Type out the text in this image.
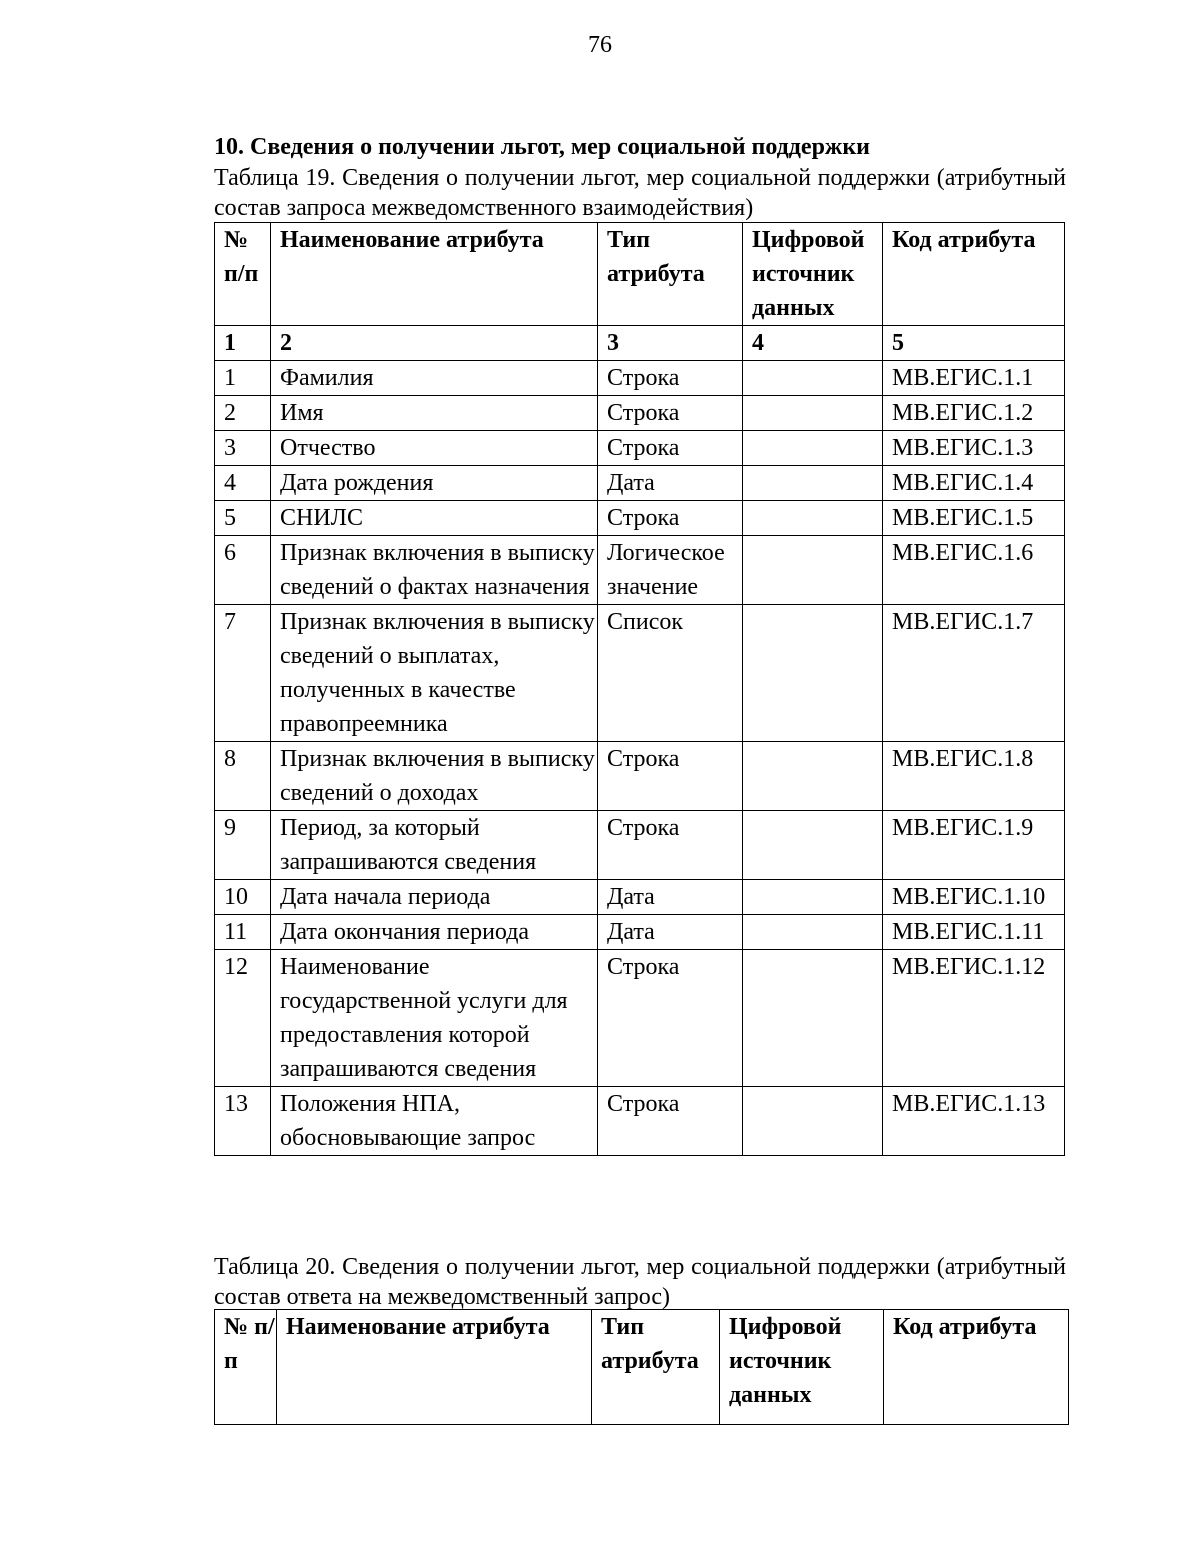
76
10. Сведения о получении льгот, мер социальной поддержки
Таблица 19. Сведения о получении льгот, мер социальной поддержки (атрибутный состав запроса межведомственного взаимодействия)
№ п/п	Наименование атрибута	Тип атрибута	Цифровой источник данных	Код атрибута
1	2	3	4	5
1	Фамилия	Строка		МВ.ЕГИС.1.1
2	Имя	Строка		МВ.ЕГИС.1.2
3	Отчество	Строка		МВ.ЕГИС.1.3
4	Дата рождения	Дата		МВ.ЕГИС.1.4
5	СНИЛС	Строка		МВ.ЕГИС.1.5
6	Признак включения в выписку сведений о фактах назначения	Логическое значение		МВ.ЕГИС.1.6
7	Признак включения в выписку сведений о выплатах, полученных в качестве правопреемника	Список		МВ.ЕГИС.1.7
8	Признак включения в выписку сведений о доходах	Строка		МВ.ЕГИС.1.8
9	Период, за который запрашиваются сведения	Строка		МВ.ЕГИС.1.9
10	Дата начала периода	Дата		МВ.ЕГИС.1.10
11	Дата окончания периода	Дата		МВ.ЕГИС.1.11
12	Наименование государственной услуги для предоставления которой запрашиваются сведения	Строка		МВ.ЕГИС.1.12
13	Положения НПА, обосновывающие запрос	Строка		МВ.ЕГИС.1.13
Таблица 20. Сведения о получении льгот, мер социальной поддержки (атрибутный состав ответа на межведомственный запрос)
№ п/п	Наименование атрибута	Тип атрибута	Цифровой источник данных	Код атрибута
